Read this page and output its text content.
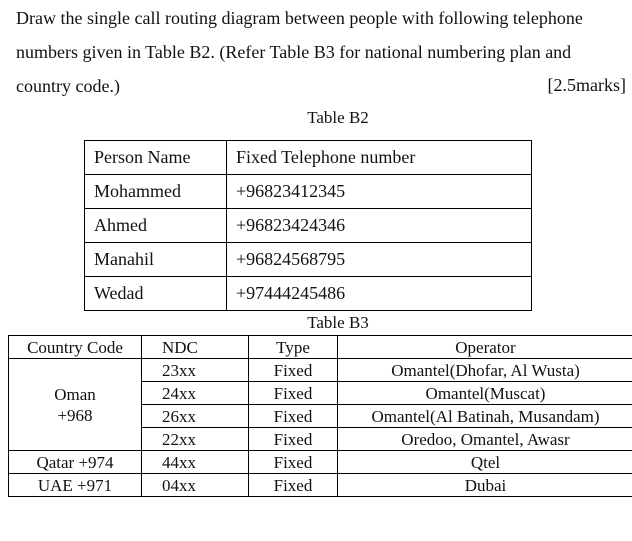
Draw the single call routing diagram between people with following telephone
numbers given in Table B2. (Refer Table B3 for national numbering plan and
country code.)	[2.5marks]
Table B2
Person Name	Fixed Telephone number
Mohammed	+96823412345
Ahmed	+96823424346
Manahil	+96824568795
Wedad	+97444245486
Table B3
Country Code	NDC	Type	Operator

Oman
+968	23xx	Fixed	Omantel(Dhofar, Al Wusta)
	24xx	Fixed	Omantel(Muscat)
	26xx	Fixed	Omantel(Al Batinah, Musandam)
	22xx	Fixed	Oredoo, Omantel, Awasr
Qatar +974	44xx	Fixed	Qtel
UAE +971	04xx	Fixed	Dubai
